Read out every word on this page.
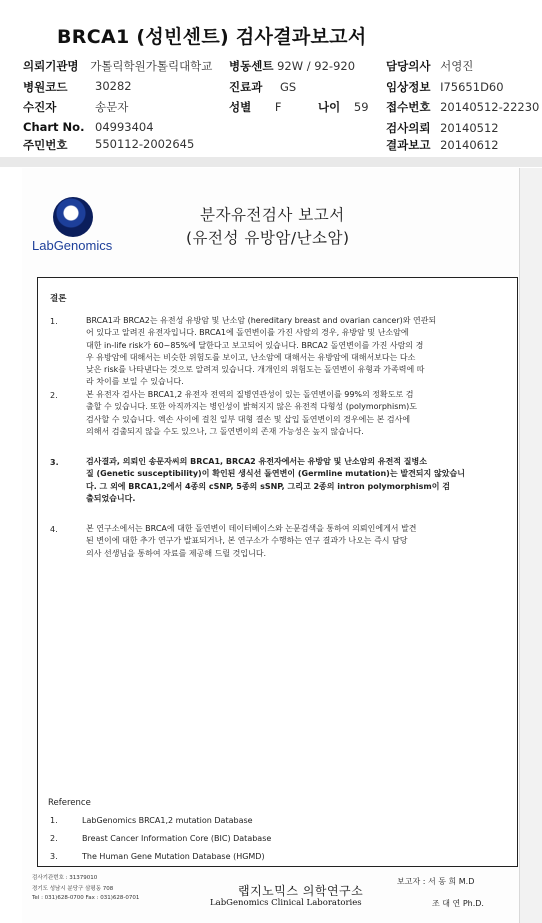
BRCA1 (성빈센트) 검사결과보고서
의뢰기관명 가톨릭학원가톨릭대학교 병동센트 92W / 92-920	담당의사 서영진
병원코드 30282	진료과 GS	임상정보 I75651D60
수진자	송문자	성별 F	나이 59 접수번호 20140512-22230
Chart No. 04993404	검사의뢰 20140512
주민번호 550112-2002645	결과보고 20140612
LabGenomics
분자유전검사 보고서
(유전성 유방암/난소암)
결론
1.	BRCA1과 BRCA2는 유전성 유방암 및 난소암 (hereditary breast and ovarian cancer)와 연관되
어 있다고 알려진 유전자입니다. BRCA1에 돌연변이를 가진 사람의 경우, 유방암 및 난소암에
대한 in-life risk가 60~85%에 달한다고 보고되어 있습니다. BRCA2 돌연변이를 가진 사람의 경
우 유방암에 대해서는 비슷한 위험도를 보이고, 난소암에 대해서는 유방암에 대해서보다는 다소
낮은 risk를 나타낸다는 것으로 알려져 있습니다. 개개인의 위험도는 돌연변이 유형과 가족력에 따
라 차이를 보일 수 있습니다.
2.	본 유전자 검사는 BRCA1,2 유전자 전역의 질병연관성이 있는 돌연변이를 99%의 정확도로 검
출할 수 있습니다. 또한 아직까지는 병인성이 밝혀지지 않은 유전적 다형성 (polymorphism)도
검사할 수 있습니다. 엑손 사이에 걸친 일부 대형 결손 및 삽입 돌연변이의 경우에는 본 검사에
의해서 검출되지 않을 수도 있으나, 그 돌연변이의 존재 가능성은 높지 않습니다.
3.	검사결과, 의뢰인 송문자씨의 BRCA1, BRCA2 유전자에서는 유방암 및 난소암의 유전적 질병소
질 (Genetic susceptibility)이 확인된 생식선 돌연변이 (Germline mutation)는 발견되지 않았습니
다. 그 외에 BRCA1,2에서 4종의 cSNP, 5종의 sSNP, 그리고 2종의 intron polymorphism이 검
출되었습니다.
4.	본 연구소에서는 BRCA에 대한 돌연변이 데이터베이스와 논문검색을 통하여 의뢰인에게서 발견
된 변이에 대한 추가 연구가 발표되거나, 본 연구소가 수행하는 연구 결과가 나오는 즉시 담당
의사 선생님을 통하여 자료를 제공해 드릴 것입니다.
Reference
1.	LabGenomics BRCA1,2 mutation Database
2.	Breast Cancer Information Core (BIC) Database
3.	The Human Gene Mutation Database (HGMD)
검사기관번호 : 31379010
경기도 성남시 분당구 삼평동 708
Tel : 031)628-0700 Fax : 031)628-0701	랩지노믹스 의학연구소
LabGenomics Clinical Laboratories
보고자 : 서 동 희 M.D
조 대 연 Ph.D.
